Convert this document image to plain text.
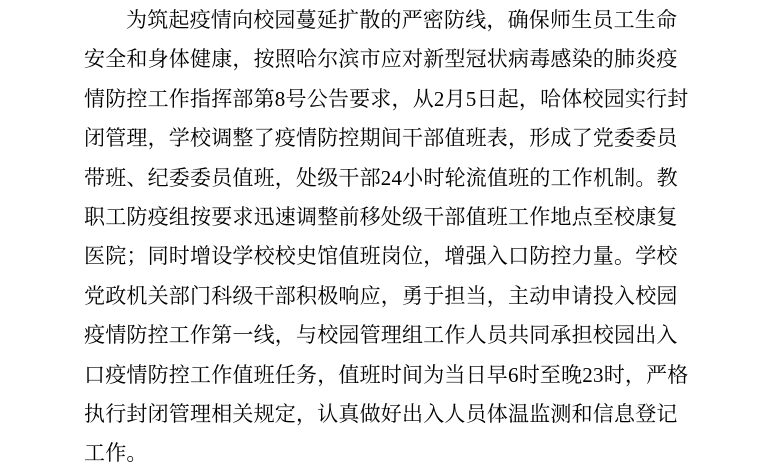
为筑起疫情向校园蔓延扩散的严密防线，确保师生员工生命
安全和身体健康，按照哈尔滨市应对新型冠状病毒感染的肺炎疫
情防控工作指挥部第8号公告要求，从2月5日起，哈体校园实行封
闭管理，学校调整了疫情防控期间干部值班表，形成了党委委员
带班、纪委委员值班，处级干部24小时轮流值班的工作机制。教
职工防疫组按要求迅速调整前移处级干部值班工作地点至校康复
医院；同时增设学校校史馆值班岗位，增强入口防控力量。学校
党政机关部门科级干部积极响应，勇于担当，主动申请投入校园
疫情防控工作第一线，与校园管理组工作人员共同承担校园出入
口疫情防控工作值班任务，值班时间为当日早6时至晚23时，严格
执行封闭管理相关规定，认真做好出入人员体温监测和信息登记
工作。
